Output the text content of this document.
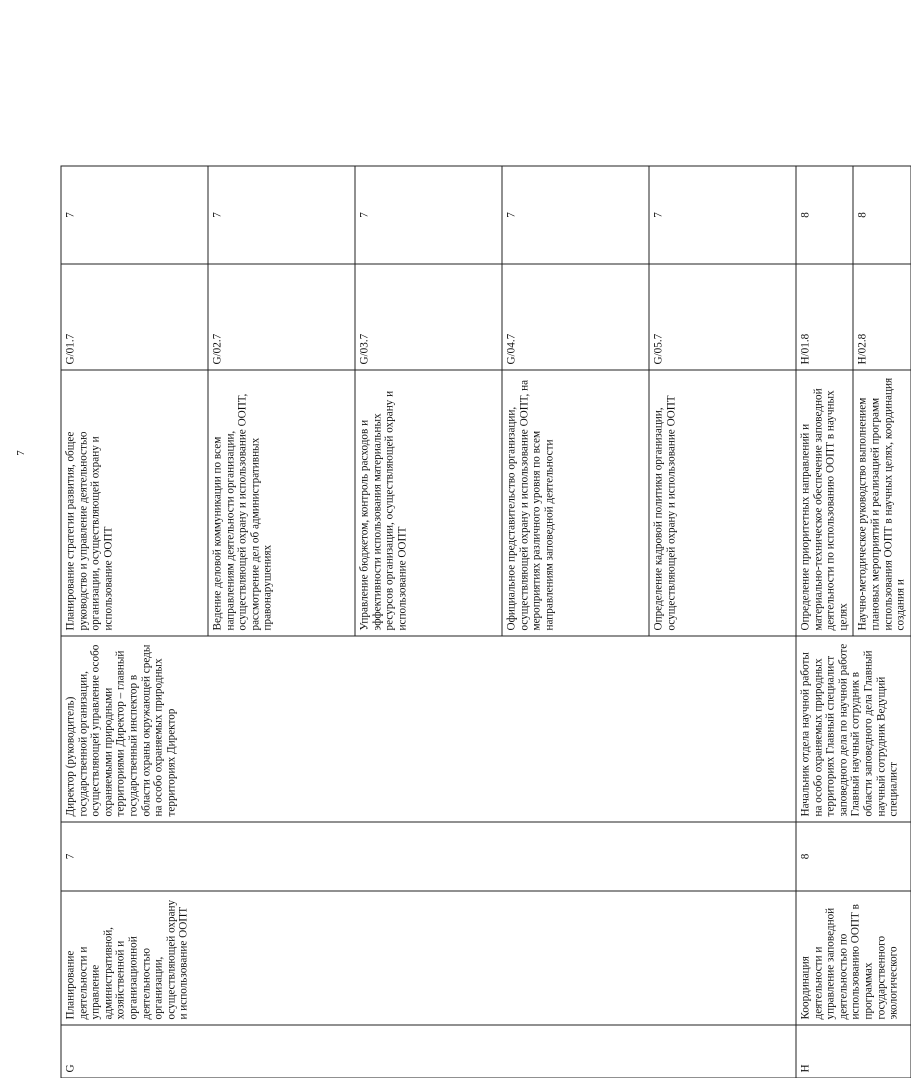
7
G	Планирование деятельности и управление административной, хозяйственной и организационной деятельностью организации, осуществляющей охрану и использование ООПТ	7	Директор (руководитель) государственной организации, осуществляющей управление особо охраняемыми природными территориями Директор – главный государственный инспектор в области охраны окружающей среды на особо охраняемых природных территориях Директор	Планирование стратегии развития, общее руководство и управление деятельностью организации, осуществляющей охрану и использование ООПТ	G/01.7	7
				Ведение деловой коммуникации по всем направлениям деятельности организации, осуществляющей охрану и использование ООПТ, рассмотрение дел об административных правонарушениях	G/02.7	7
				Управление бюджетом, контроль расходов и эффективности использования материальных ресурсов организации, осуществляющей охрану и использование ООПТ	G/03.7	7
				Официальное представительство организации, осуществляющей охрану и использование ООПТ, на мероприятиях различного уровня по всем направлениям заповедной деятельности	G/04.7	7
				Определение кадровой политики организации, осуществляющей охрану и использование ООПТ	G/05.7	7
H	Координация деятельности и управление заповедной деятельностью по использованию ООПТ в программах государственного экологического	8	Начальник отдела научной работы на особо охраняемых природных территориях Главный специалист заповедного дела по научной работе Главный научный сотрудник в области заповедного дела Главный научный сотрудник Ведущий специалист	Определение приоритетных направлений и материально-техническое обеспечение заповедной деятельности по использованию ООПТ в научных целях	H/01.8	8
				Научно-методическое руководство выполнением плановых мероприятий и реализацией программ использования ООПТ в научных целях, координация создания и	H/02.8	8
